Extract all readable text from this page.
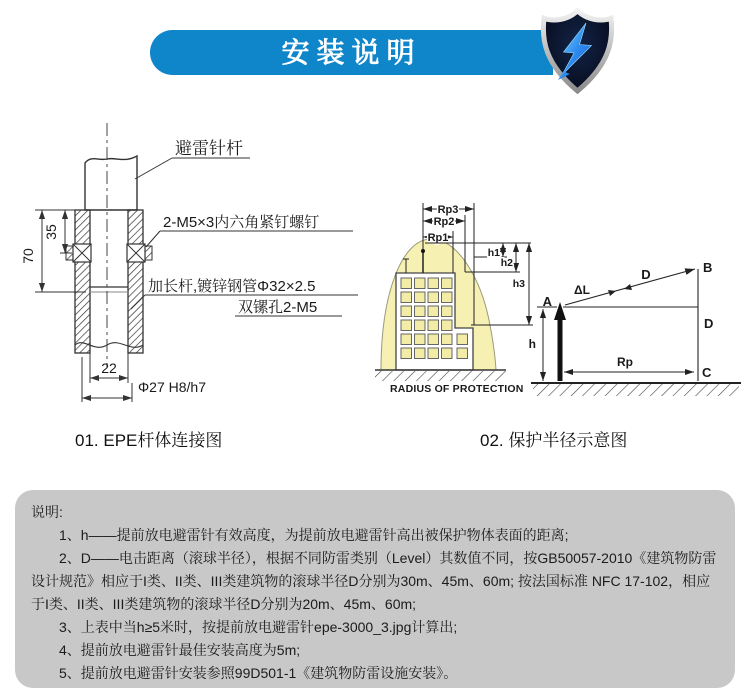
安装说明
70
35
避雷针杆
2-M5×3内六角紧钉螺钉
加长杆,镀锌钢管Φ32×2.5
双镙孔2-M5
22
Φ27 H8/h7
Rp3
Rp2
Rp1
h1
h2
h3
RADIUS OF PROTECTION
h
A
ΔL
D	B
D
Rp
C
01. EPE杆体连接图	02. 保护半径示意图

说明:

1、h——提前放电避雷针有效高度，为提前放电避雷针高出被保护物体表面的距离;

2、D——电击距离（滚球半径），根据不同防雷类别（Level）其数值不同，按GB50057-2010《建筑物防雷设计规范》相应于I类、II类、III类建筑物的滚球半径D分别为30m、45m、60m; 按法国标准 NFC 17-102，相应于I类、II类、III类建筑物的滚球半径D分别为20m、45m、60m;

3、上表中当h≥5米时，按提前放电避雷针epe-3000_3.jpg计算出;

4、提前放电避雷针最佳安装高度为5m;

5、提前放电避雷针安装参照99D501-1《建筑物防雷设施安装》。
